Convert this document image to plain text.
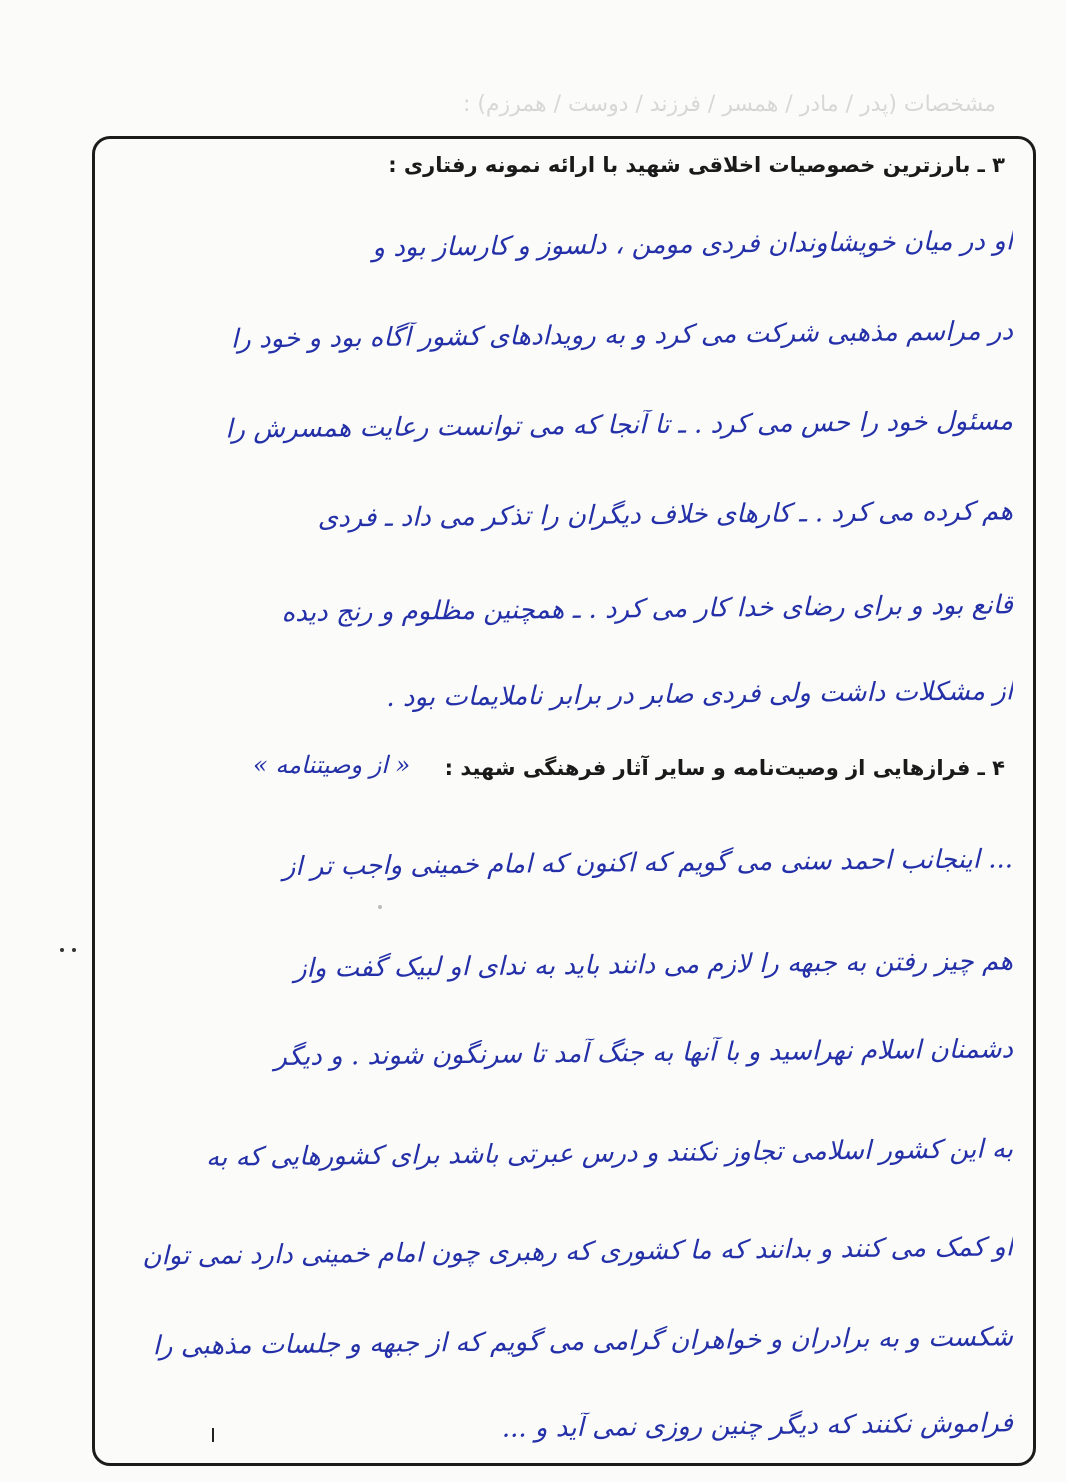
مشخصات (پدر / مادر / همسر / فرزند / دوست / همرزم) :
۳ ـ بارزترین خصوصیات اخلاقی شهید با ارائه نمونه رفتاری :
او در میان خویشاوندان فردی مومن ، دلسوز و کارساز بود و
در مراسم مذهبی شرکت می کرد و به رویدادهای کشور آگاه بود و خود را
مسئول خود را حس می کرد . ـ تا آنجا که می توانست رعایت همسرش را
هم کرده می کرد . ـ کارهای خلاف دیگران را تذکر می داد ـ فردی
قانع بود و برای رضای خدا کار می کرد . ـ همچنین مظلوم و رنج دیده
از مشکلات داشت ولی فردی صابر در برابر ناملایمات بود .
۴ ـ فرازهایی از وصیت‌نامه و سایر آثار فرهنگی شهید :
« از وصیتنامه »
... اینجانب احمد سنی می گویم که اکنون که امام خمینی واجب تر از
هم چیز رفتن به جبهه را لازم می دانند باید به ندای او لبیک گفت واز
دشمنان اسلام نهراسید و با آنها به جنگ آمد تا سرنگون شوند . و دیگر
به این کشور اسلامی تجاوز نکنند و درس عبرتی باشد برای کشورهایی که به
او کمک می کنند و بدانند که ما کشوری که رهبری چون امام خمینی دارد نمی توان
شکست و به برادران و خواهران گرامی می گویم که از جبهه و جلسات مذهبی را
فراموش نکنند که دیگر چنین روزی نمی آید و ...
